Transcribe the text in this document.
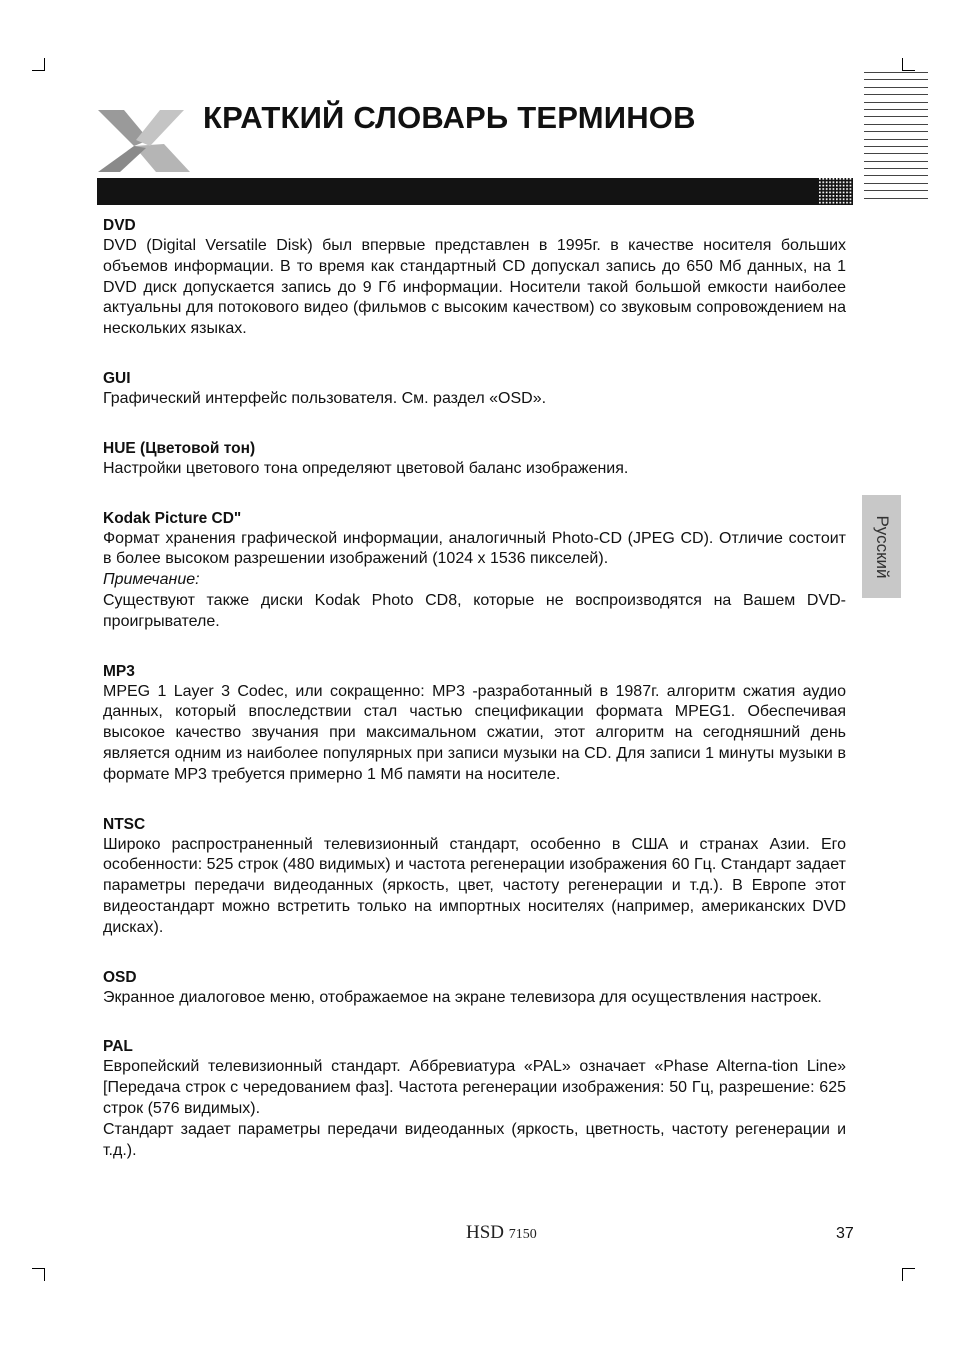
КРАТКИЙ СЛОВАРЬ ТЕРМИНОВ
Русский

DVD

DVD (Digital Versatile Disk) был впервые представлен в 1995г. в качестве носителя больших объемов информации. В то время как стандартный CD допускал запись до 650 Мб данных, на 1 DVD диск допускается запись до 9 Гб информации. Носители такой большой емкости наиболее актуальны для потокового видео (фильмов с высоким качеством) со звуковым сопровождением на нескольких языках.

GUI

Графический интерфейс пользователя. См. раздел «OSD».

HUE (Цветовой тон)

Настройки цветового тона определяют цветовой баланс изображения.

Kodak Picture CD"

Формат хранения графической информации, аналогичный Photo-CD (JPEG CD). Отличие состоит в более высоком разрешении изображений (1024 x 1536 пикселей).

Примечание:

Существуют также диски Kodak Photo CD8, которые не воспроизводятся на Вашем DVD-проигрывателе.

MP3

MPEG 1 Layer 3 Codec, или сокращенно: MP3 -разработанный в 1987г. алгоритм сжатия аудио данных, который впоследствии стал частью спецификации формата MPEG1. Обеспечивая высокое качество звучания при максимальном сжатии, этот алгоритм на сегодняшний день является одним из наиболее популярных при записи музыки на CD. Для записи 1 минуты музыки в формате MP3 требуется примерно 1 Мб памяти на носителе.

NTSC

Широко распространенный телевизионный стандарт, особенно в США и странах Азии. Его особенности: 525 строк (480 видимых) и частота регенерации изображения 60 Гц. Стандарт задает параметры передачи видеоданных (яркость, цвет, частоту регенерации и т.д.). В Европе этот видеостандарт можно встретить только на импортных носителях (например, американских DVD дисках).

OSD

Экранное диалоговое меню, отображаемое на экране телевизора для осуществления настроек.

PAL

Европейский телевизионный стандарт. Аббревиатура «PAL» означает «Phase Alterna-tion Line» [Передача строк с чередованием фаз]. Частота регенерации изображения: 50 Гц, разрешение: 625 строк (576 видимых).

Стандарт задает параметры передачи видеоданных (яркость, цветность, частоту регенерации и т.д.).

HSD 7150	37
